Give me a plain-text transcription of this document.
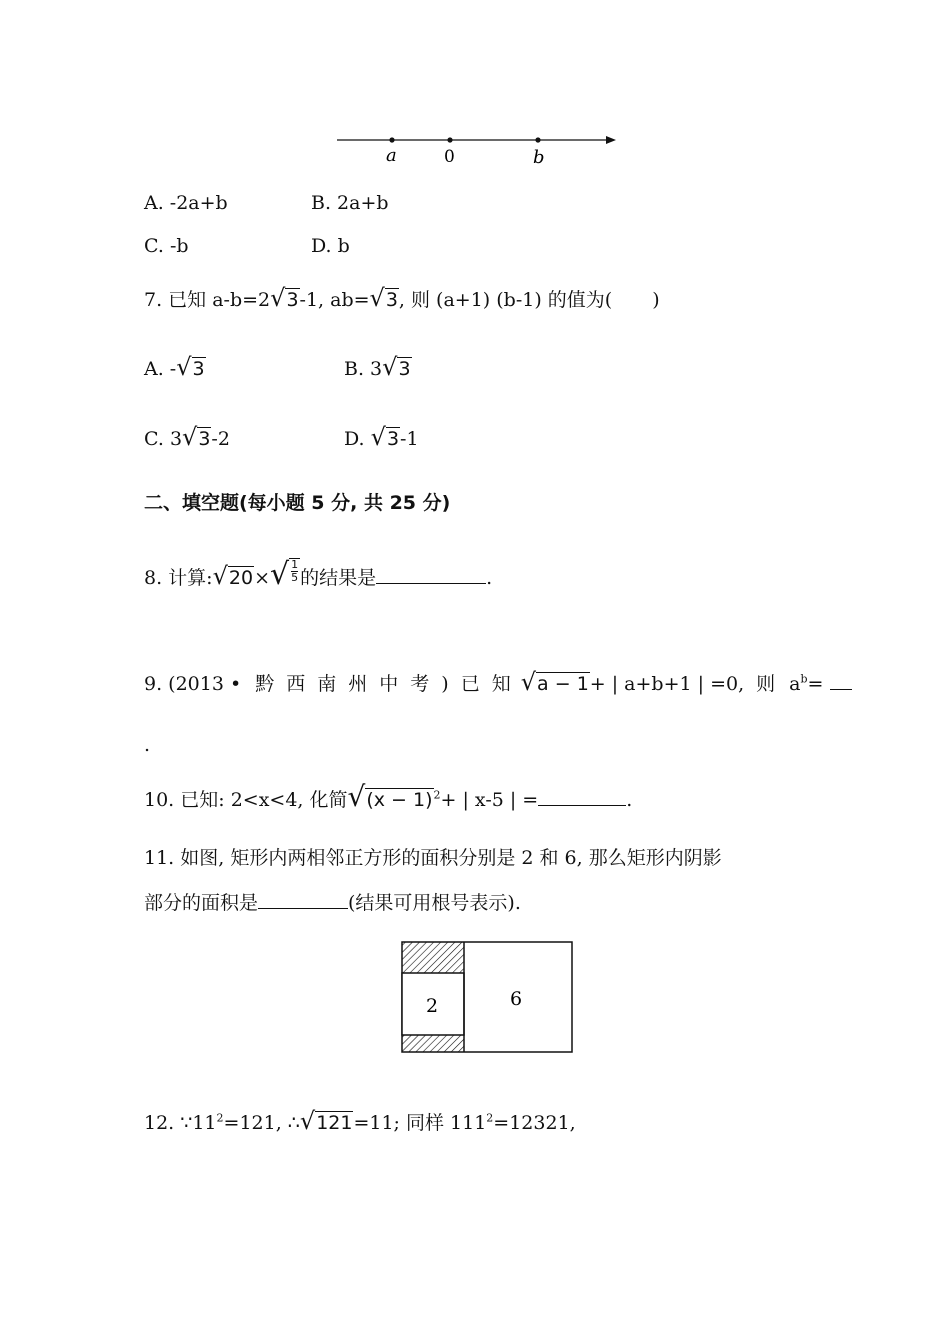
a	0	b
A. -2a+b	B. 2a+b
C. -b	D. b
7. 已知 a-b=2√3-1, ab=√3, 则 (a+1) (b-1) 的值为( )
A. -√3	B. 3√3
C. 3√3-2	D. √3-1
二、填空题(每小题 5 分, 共 25 分)
8. 计算:√20×√ $\frac{1}{5}$ 的结果是	.
9. (2013 • 黔 西 南 州 中 考 ) 已 知 √a − 1+ | a+b+1 | =0, 则 $a^b=$
.
10. 已知: 2<x<4, 化简$√(x - 1)^2+$ | x-5 | =	.
11. 如图, 矩形内两相邻正方形的面积分别是 2 和 6, 那么矩形内阴影
部分的面积是	(结果可用根号表示).
2	6
12. $\because 11^2=121$, ∴√121=11; 同样 $111^2=12321$,
